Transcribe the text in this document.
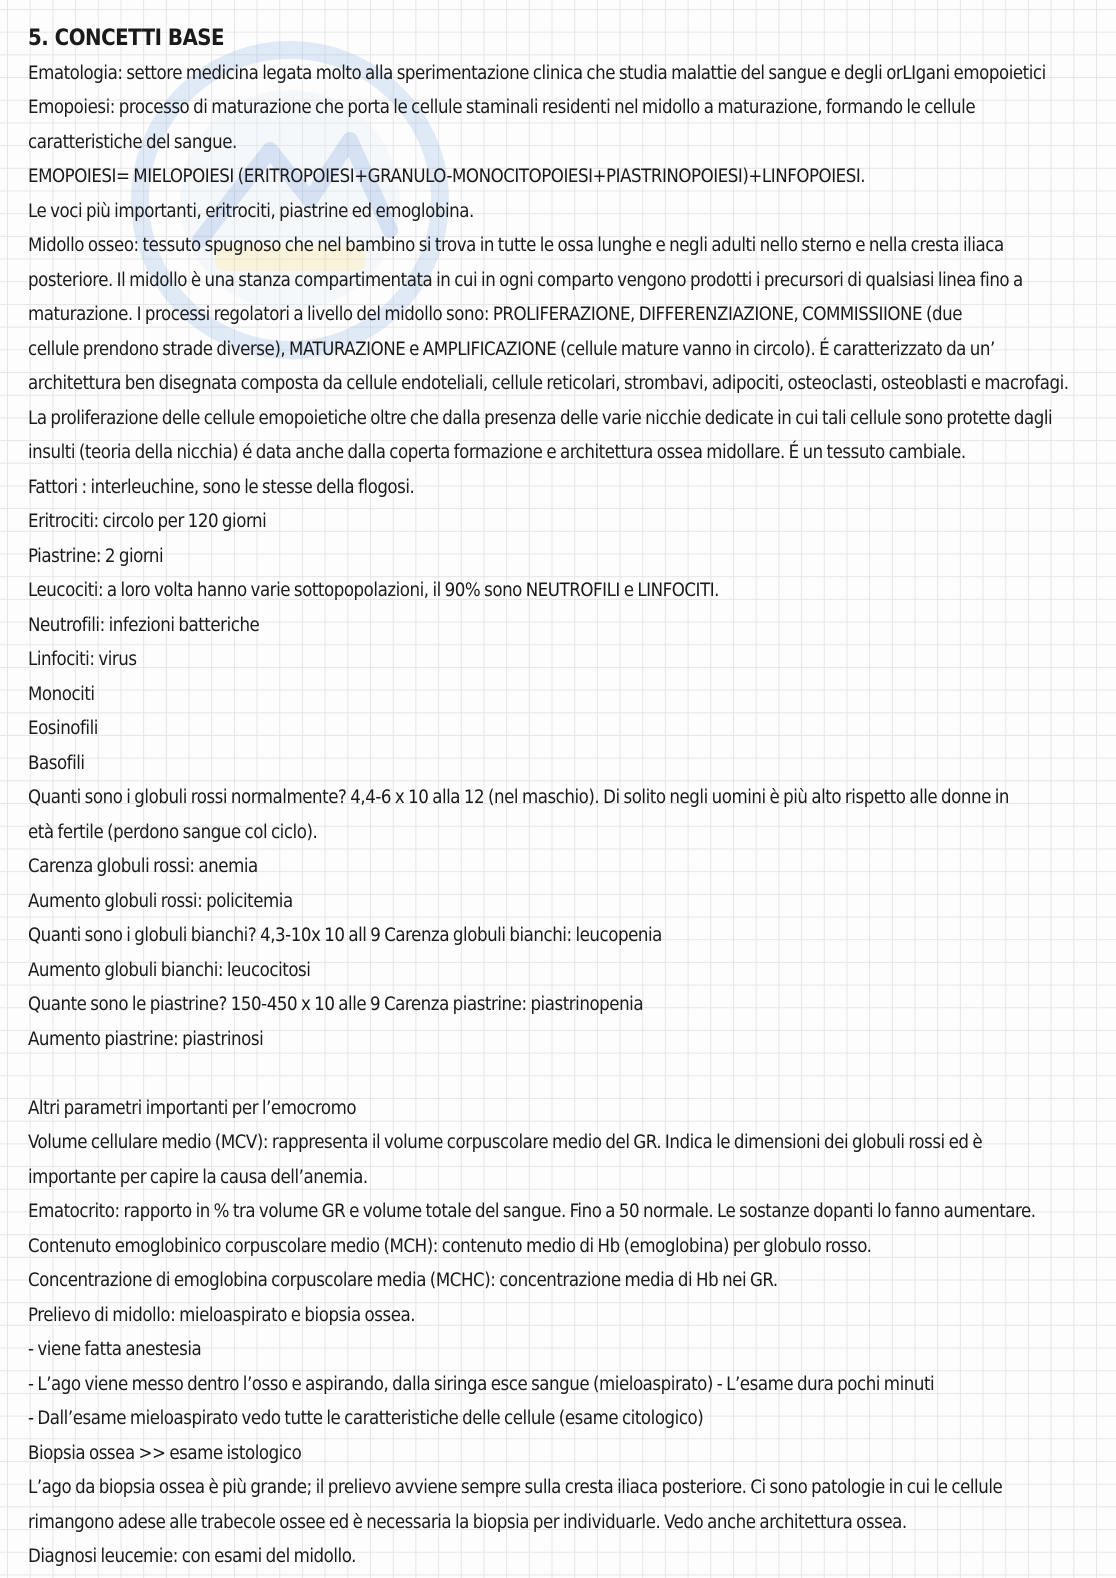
5. CONCETTI BASE
Ematologia: settore medicina legata molto alla sperimentazione clinica che studia malattie del sangue e degli orLIgani emopoietici
Emopoiesi: processo di maturazione che porta le cellule staminali residenti nel midollo a maturazione, formando le cellule
caratteristiche del sangue.
EMOPOIESI= MIELOPOIESI (ERITROPOIESI+GRANULO-MONOCITOPOIESI+PIASTRINOPOIESI)+LINFOPOIESI.
Le voci più importanti, eritrociti, piastrine ed emoglobina.
Midollo osseo: tessuto spugnoso che nel bambino si trova in tutte le ossa lunghe e negli adulti nello sterno e nella cresta iliaca
posteriore. Il midollo è una stanza compartimentata in cui in ogni comparto vengono prodotti i precursori di qualsiasi linea fino a
maturazione. I processi regolatori a livello del midollo sono: PROLIFERAZIONE, DIFFERENZIAZIONE, COMMISSIIONE (due
cellule prendono strade diverse), MATURAZIONE e AMPLIFICAZIONE (cellule mature vanno in circolo). É caratterizzato da un’
architettura ben disegnata composta da cellule endoteliali, cellule reticolari, strombavi, adipociti, osteoclasti, osteoblasti e macrofagi.
La proliferazione delle cellule emopoietiche oltre che dalla presenza delle varie nicchie dedicate in cui tali cellule sono protette dagli
insulti (teoria della nicchia) é data anche dalla coperta formazione e architettura ossea midollare. É un tessuto cambiale.
Fattori : interleuchine, sono le stesse della flogosi.
Eritrociti: circolo per 120 giorni
Piastrine: 2 giorni
Leucociti: a loro volta hanno varie sottopopolazioni, il 90% sono NEUTROFILI e LINFOCITI.
Neutrofili: infezioni batteriche
Linfociti: virus
Monociti
Eosinofili
Basofili
Quanti sono i globuli rossi normalmente? 4,4-6 x 10 alla 12 (nel maschio). Di solito negli uomini è più alto rispetto alle donne in
età fertile (perdono sangue col ciclo).
Carenza globuli rossi: anemia
Aumento globuli rossi: policitemia
Quanti sono i globuli bianchi? 4,3-10x 10 all 9 Carenza globuli bianchi: leucopenia
Aumento globuli bianchi: leucocitosi
Quante sono le piastrine? 150-450 x 10 alle 9 Carenza piastrine: piastrinopenia
Aumento piastrine: piastrinosi
Altri parametri importanti per l’emocromo
Volume cellulare medio (MCV): rappresenta il volume corpuscolare medio del GR. Indica le dimensioni dei globuli rossi ed è
importante per capire la causa dell’anemia.
Ematocrito: rapporto in % tra volume GR e volume totale del sangue. Fino a 50 normale. Le sostanze dopanti lo fanno aumentare.
Contenuto emoglobinico corpuscolare medio (MCH): contenuto medio di Hb (emoglobina) per globulo rosso.
Concentrazione di emoglobina corpuscolare media (MCHC): concentrazione media di Hb nei GR.
Prelievo di midollo: mieloaspirato e biopsia ossea.
- viene fatta anestesia
- L’ago viene messo dentro l’osso e aspirando, dalla siringa esce sangue (mieloaspirato) - L’esame dura pochi minuti
- Dall’esame mieloaspirato vedo tutte le caratteristiche delle cellule (esame citologico)
Biopsia ossea >> esame istologico
L’ago da biopsia ossea è più grande; il prelievo avviene sempre sulla cresta iliaca posteriore. Ci sono patologie in cui le cellule
rimangono adese alle trabecole ossee ed è necessaria la biopsia per individuarle. Vedo anche architettura ossea.
Diagnosi leucemie: con esami del midollo.
